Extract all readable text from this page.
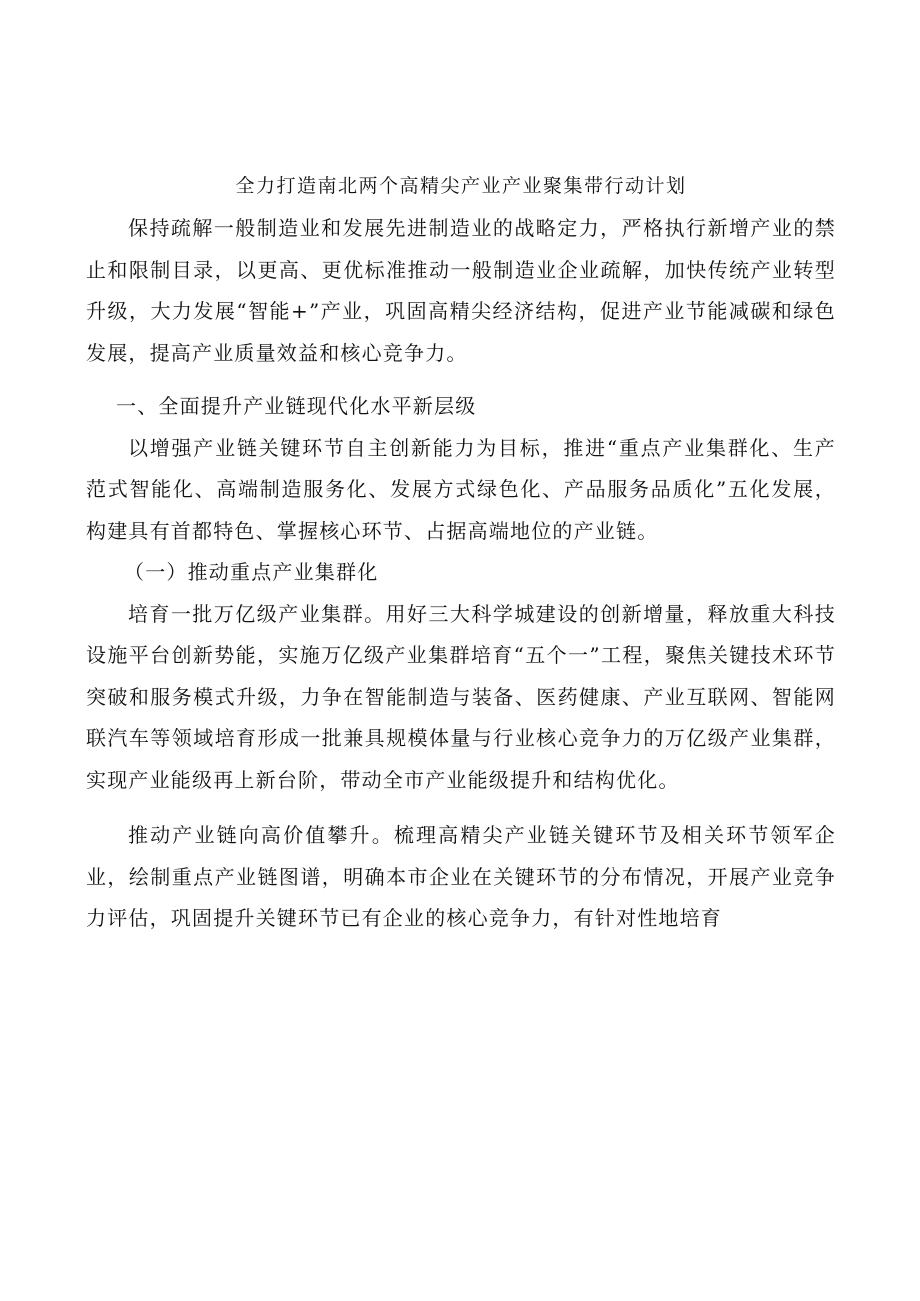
全力打造南北两个高精尖产业产业聚集带行动计划

保持疏解一般制造业和发展先进制造业的战略定力，严格执行新增产业的禁止和限制目录，以更高、更优标准推动一般制造业企业疏解，加快传统产业转型升级，大力发展“智能+”产业，巩固高精尖经济结构，促进产业节能减碳和绿色发展，提高产业质量效益和核心竞争力。

一、全面提升产业链现代化水平新层级

以增强产业链关键环节自主创新能力为目标，推进“重点产业集群化、生产范式智能化、高端制造服务化、发展方式绿色化、产品服务品质化”五化发展，构建具有首都特色、掌握核心环节、占据高端地位的产业链。

（一）推动重点产业集群化

培育一批万亿级产业集群。用好三大科学城建设的创新增量，释放重大科技设施平台创新势能，实施万亿级产业集群培育“五个一”工程，聚焦关键技术环节突破和服务模式升级，力争在智能制造与装备、医药健康、产业互联网、智能网联汽车等领域培育形成一批兼具规模体量与行业核心竞争力的万亿级产业集群，实现产业能级再上新台阶，带动全市产业能级提升和结构优化。

推动产业链向高价值攀升。梳理高精尖产业链关键环节及相关环节领军企业，绘制重点产业链图谱，明确本市企业在关键环节的分布情况，开展产业竞争力评估，巩固提升关键环节已有企业的核心竞争力，有针对性地培育
